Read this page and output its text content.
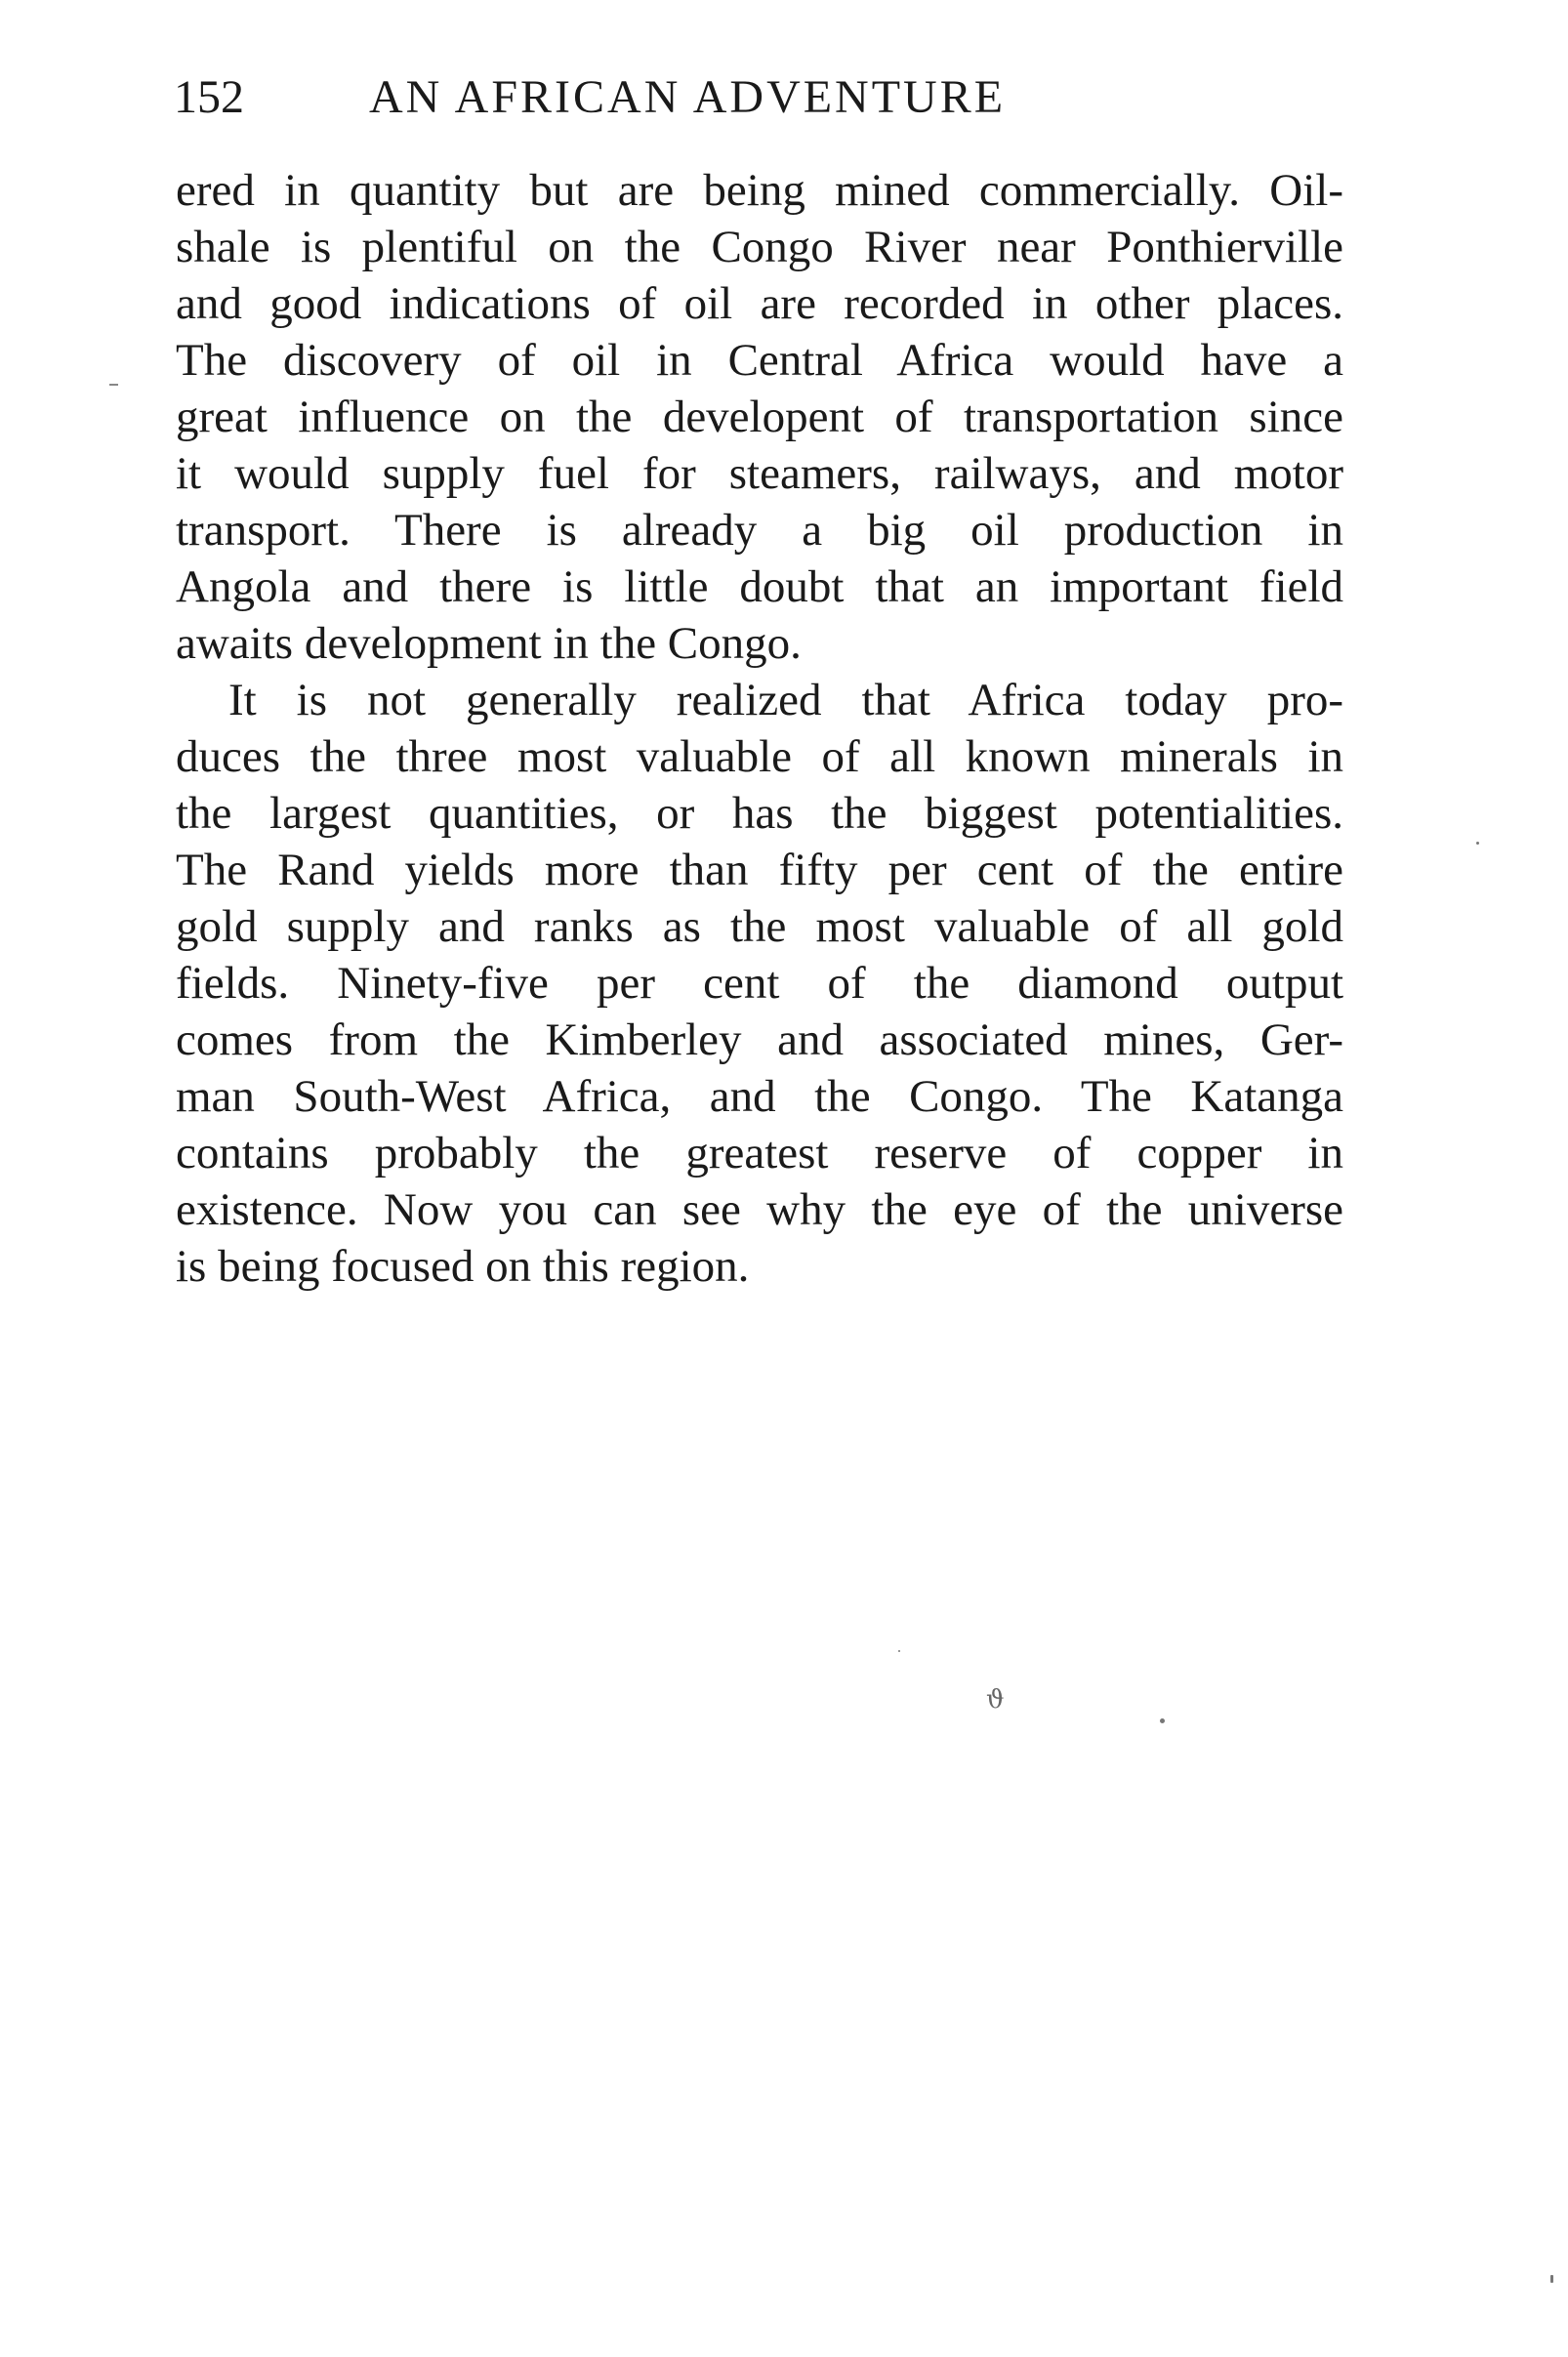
152	AN AFRICAN ADVENTURE
ered in quantity but are being mined commercially. Oil-
shale is plentiful on the Congo River near Ponthierville
and good indications of oil are recorded in other places.
The discovery of oil in Central Africa would have a
great influence on the developent of transportation since
it would supply fuel for steamers, railways, and motor
transport. There is already a big oil production in
Angola and there is little doubt that an important field
awaits development in the Congo.
It is not generally realized that Africa today pro-
duces the three most valuable of all known minerals in
the largest quantities, or has the biggest potentialities.
The Rand yields more than fifty per cent of the entire
gold supply and ranks as the most valuable of all gold
fields. Ninety-five per cent of the diamond output
comes from the Kimberley and associated mines, Ger-
man South-West Africa, and the Congo. The Katanga
contains probably the greatest reserve of copper in
existence. Now you can see why the eye of the universe
is being focused on this region.
ϑ
